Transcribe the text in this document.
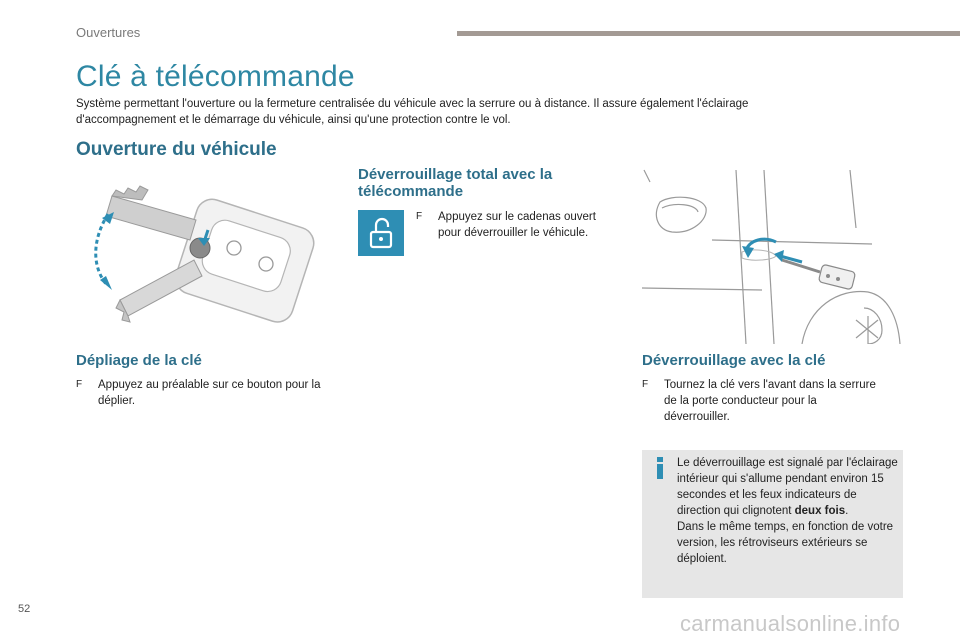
Ouvertures
Clé à télécommande
Système permettant l'ouverture ou la fermeture centralisée du véhicule avec la serrure ou à distance. Il assure également l'éclairage d'accompagnement et le démarrage du véhicule, ainsi qu'une protection contre le vol.
Ouverture du véhicule
Dépliage de la clé
F	Appuyez au préalable sur ce bouton pour la déplier.
Déverrouillage total avec la
télécommande
F	Appuyez sur le cadenas ouvert pour déverrouiller le véhicule.
Déverrouillage avec la clé
F	Tournez la clé vers l'avant dans la serrure de la porte conducteur pour la déverrouiller.
Le déverrouillage est signalé par l'éclairage intérieur qui s'allume pendant environ 15 secondes et les feux indicateurs de direction qui clignotent deux fois.
Dans le même temps, en fonction de votre version, les rétroviseurs extérieurs se déploient.
52
carmanualsonline.info
